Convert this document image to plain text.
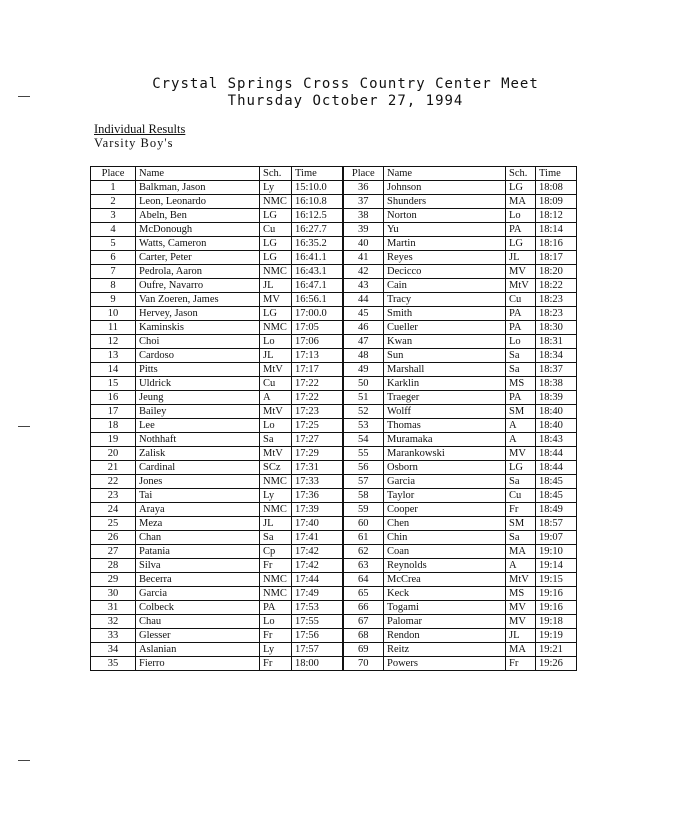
Crystal Springs Cross Country Center Meet
Thursday October 27, 1994
Individual Results
Varsity Boy's
Place	Name	Sch.	Time	Place	Name	Sch.	Time
1	Balkman, Jason	Ly	15:10.0	36	Johnson	LG	18:08
2	Leon, Leonardo	NMC	16:10.8	37	Shunders	MA	18:09
3	Abeln, Ben	LG	16:12.5	38	Norton	Lo	18:12
4	McDonough	Cu	16:27.7	39	Yu	PA	18:14
5	Watts, Cameron	LG	16:35.2	40	Martin	LG	18:16
6	Carter, Peter	LG	16:41.1	41	Reyes	JL	18:17
7	Pedrola, Aaron	NMC	16:43.1	42	Decicco	MV	18:20
8	Oufre, Navarro	JL	16:47.1	43	Cain	MtV	18:22
9	Van Zoeren, James	MV	16:56.1	44	Tracy	Cu	18:23
10	Hervey, Jason	LG	17:00.0	45	Smith	PA	18:23
11	Kaminskis	NMC	17:05	46	Cueller	PA	18:30
12	Choi	Lo	17:06	47	Kwan	Lo	18:31
13	Cardoso	JL	17:13	48	Sun	Sa	18:34
14	Pitts	MtV	17:17	49	Marshall	Sa	18:37
15	Uldrick	Cu	17:22	50	Karklin	MS	18:38
16	Jeung	A	17:22	51	Traeger	PA	18:39
17	Bailey	MtV	17:23	52	Wolff	SM	18:40
18	Lee	Lo	17:25	53	Thomas	A	18:40
19	Nothhaft	Sa	17:27	54	Muramaka	A	18:43
20	Zalisk	MtV	17:29	55	Marankowski	MV	18:44
21	Cardinal	SCz	17:31	56	Osborn	LG	18:44
22	Jones	NMC	17:33	57	Garcia	Sa	18:45
23	Tai	Ly	17:36	58	Taylor	Cu	18:45
24	Araya	NMC	17:39	59	Cooper	Fr	18:49
25	Meza	JL	17:40	60	Chen	SM	18:57
26	Chan	Sa	17:41	61	Chin	Sa	19:07
27	Patania	Cp	17:42	62	Coan	MA	19:10
28	Silva	Fr	17:42	63	Reynolds	A	19:14
29	Becerra	NMC	17:44	64	McCrea	MtV	19:15
30	Garcia	NMC	17:49	65	Keck	MS	19:16
31	Colbeck	PA	17:53	66	Togami	MV	19:16
32	Chau	Lo	17:55	67	Palomar	MV	19:18
33	Glesser	Fr	17:56	68	Rendon	JL	19:19
34	Aslanian	Ly	17:57	69	Reitz	MA	19:21
35	Fierro	Fr	18:00	70	Powers	Fr	19:26
